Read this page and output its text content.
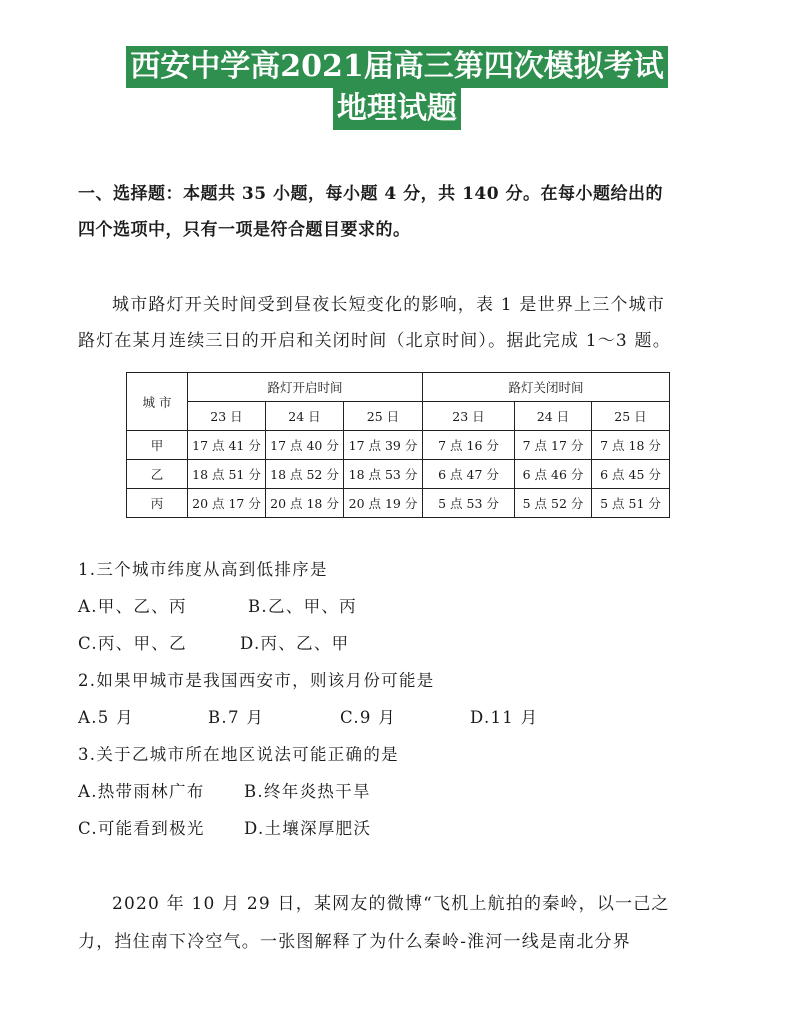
西安中学高2021届高三第四次模拟考试
地理试题
一、选择题：本题共 35 小题，每小题 4 分，共 140 分。在每小题给出的
四个选项中，只有一项是符合题目要求的。
城市路灯开关时间受到昼夜长短变化的影响，表 1 是世界上三个城市
路灯在某月连续三日的开启和关闭时间（北京时间）。据此完成 1～3 题。
城 市	路灯开启时间			路灯关闭时间		
	23 日	24 日	25 日	23 日	24 日	25 日
甲	17 点 41 分	17 点 40 分	17 点 39 分	7 点 16 分	7 点 17 分	7 点 18 分
乙	18 点 51 分	18 点 52 分	18 点 53 分	6 点 47 分	6 点 46 分	6 点 45 分
丙	20 点 17 分	20 点 18 分	20 点 19 分	5 点 53 分	5 点 52 分	5 点 51 分
1.三个城市纬度从高到低排序是
A.甲、乙、丙	B.乙、甲、丙
C.丙、甲、乙	D.丙、乙、甲
2.如果甲城市是我国西安市，则该月份可能是
A.5 月	B.7 月	C.9 月	D.11 月
3.关于乙城市所在地区说法可能正确的是
A.热带雨林广布 B.终年炎热干旱
C.可能看到极光 D.土壤深厚肥沃
2020 年 10 月 29 日，某网友的微博“飞机上航拍的秦岭，以一己之
力，挡住南下冷空气。一张图解释了为什么秦岭-淮河一线是南北分界
